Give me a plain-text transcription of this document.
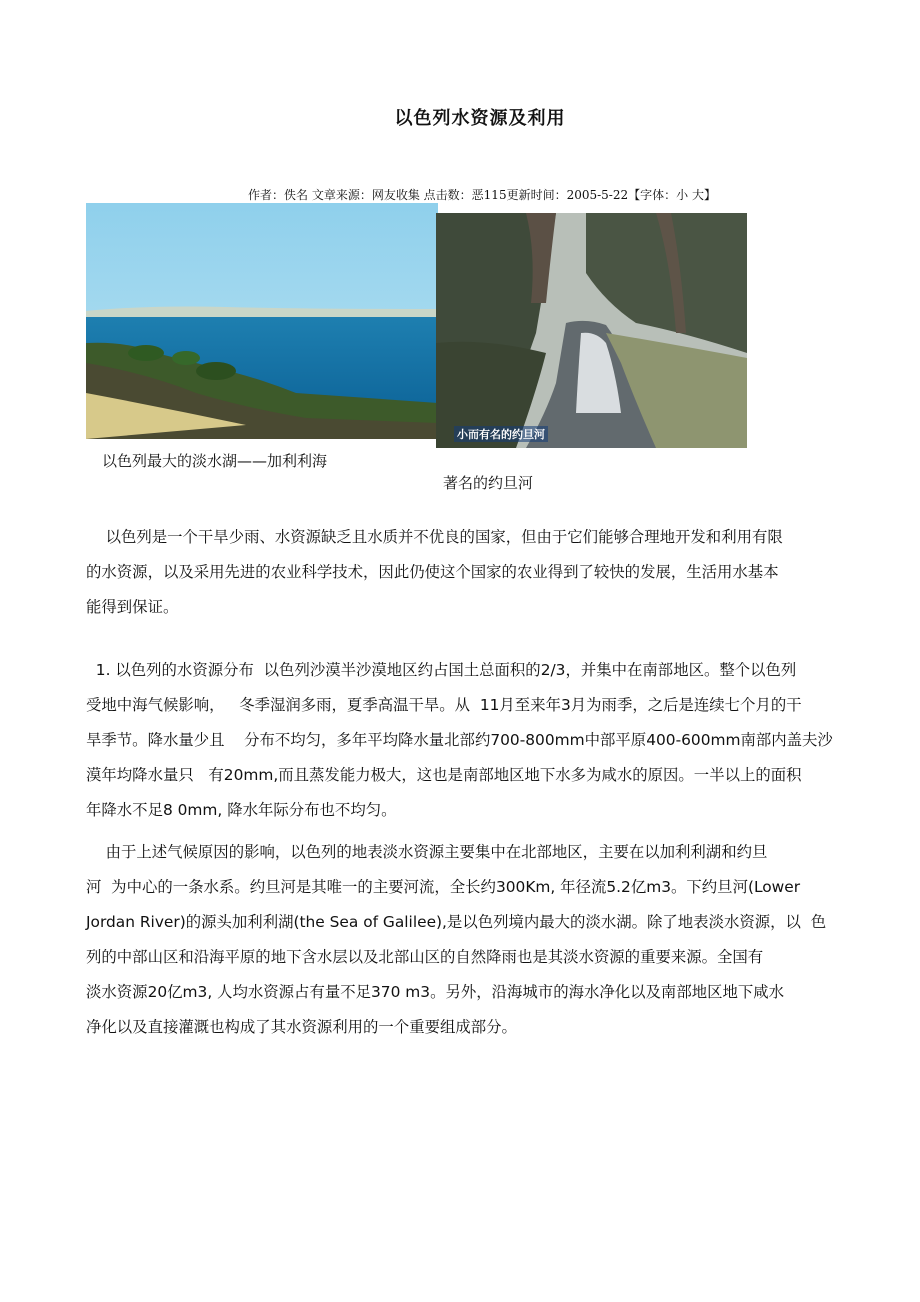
以色列水资源及利用
作者：佚名 文章来源：网友收集 点击数：恶115更新时间：2005-5-22【字体：小 大】
小而有名的约旦河
以色列最大的淡水湖——加利利海
著名的约旦河
以色列是一个干旱少雨、水资源缺乏且水质并不优良的国家，但由于它们能够合理地开发和利用有限
的水资源，以及采用先进的农业科学技术，因此仍使这个国家的农业得到了较快的发展，生活用水基本
能得到保证。
1. 以色列的水资源分布  以色列沙漠半沙漠地区约占国土总面积的2/3，并集中在南部地区。整个以色列
受地中海气候影响，   冬季湿润多雨，夏季高温干旱。从  11月至来年3月为雨季，之后是连续七个月的干
旱季节。降水量少且    分布不均匀，多年平均降水量北部约700-800mm中部平原400-600mm南部内盖夫沙
漠年均降水量只   有20mm,而且蒸发能力极大，这也是南部地区地下水多为咸水的原因。一半以上的面积
年降水不足8 0mm, 降水年际分布也不均匀。
由于上述气候原因的影响，以色列的地表淡水资源主要集中在北部地区，主要在以加利利湖和约旦
河  为中心的一条水系。约旦河是其唯一的主要河流，全长约300Km, 年径流5.2亿m3。下约旦河(Lower
Jordan River)的源头加利利湖(the Sea of Galilee),是以色列境内最大的淡水湖。除了地表淡水资源，以  色
列的中部山区和沿海平原的地下含水层以及北部山区的自然降雨也是其淡水资源的重要来源。全国有
淡水资源20亿m3, 人均水资源占有量不足370 m3。另外，沿海城市的海水净化以及南部地区地下咸水
净化以及直接灌溉也构成了其水资源利用的一个重要组成部分。
